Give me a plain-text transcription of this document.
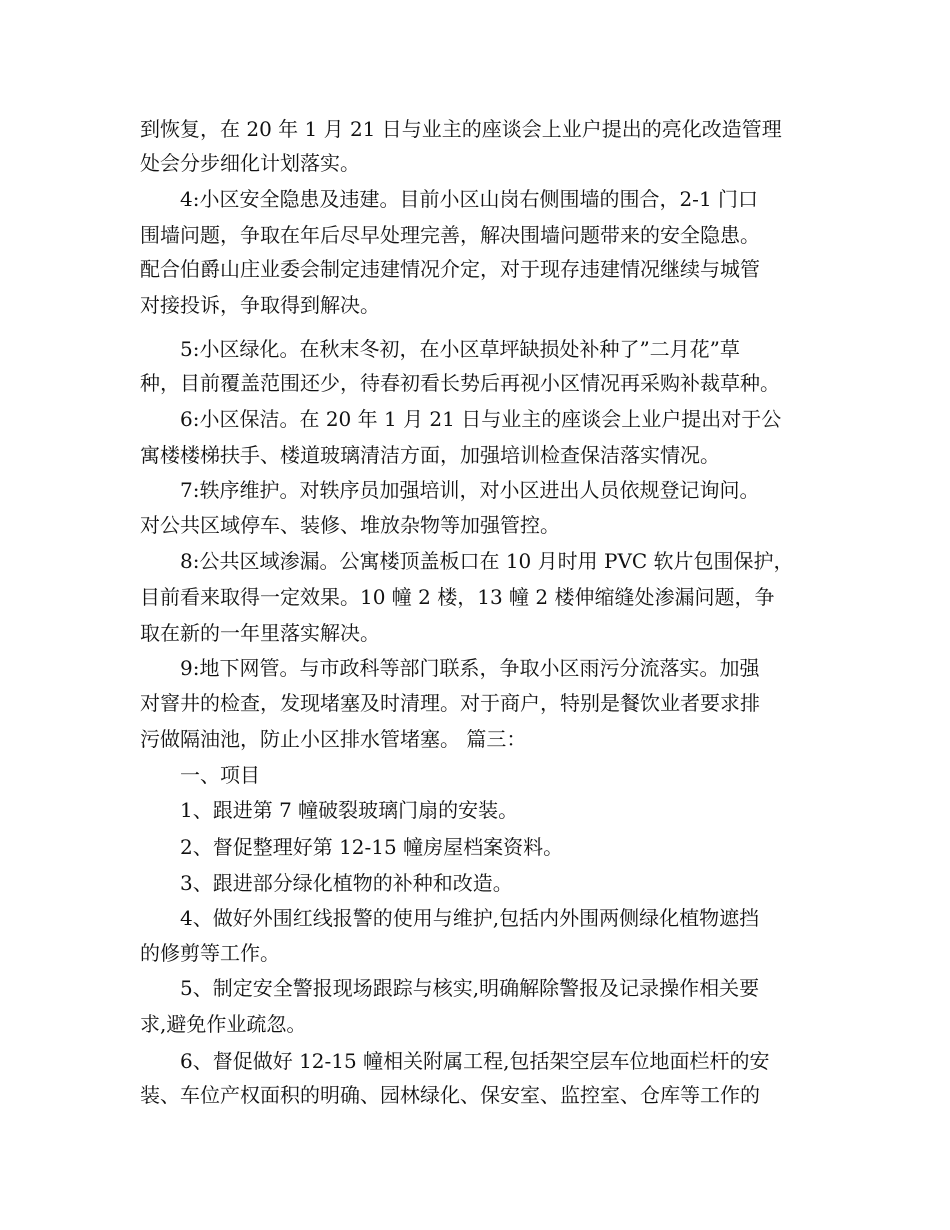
到恢复，在 20 年 1 月 21 日与业主的座谈会上业户提出的亮化改造管理
处会分步细化计划落实。
4:小区安全隐患及违建。目前小区山岗右侧围墙的围合，2-1 门口
围墙问题，争取在年后尽早处理完善，解决围墙问题带来的安全隐患。
配合伯爵山庄业委会制定违建情况介定，对于现存违建情况继续与城管
对接投诉，争取得到解决。
5:小区绿化。在秋末冬初，在小区草坪缺损处补种了”二月花”草
种，目前覆盖范围还少，待春初看长势后再视小区情况再采购补裁草种。
6:小区保洁。在 20 年 1 月 21 日与业主的座谈会上业户提出对于公
寓楼楼梯扶手、楼道玻璃清洁方面，加强培训检查保洁落实情况。
7:轶序维护。对轶序员加强培训，对小区进出人员依规登记询问。
对公共区域停车、装修、堆放杂物等加强管控。
8:公共区域渗漏。公寓楼顶盖板口在 10 月时用 PVC 软片包围保护，
目前看来取得一定效果。10 幢 2 楼，13 幢 2 楼伸缩缝处渗漏问题，争
取在新的一年里落实解决。
9:地下网管。与市政科等部门联系，争取小区雨污分流落实。加强
对窨井的检查，发现堵塞及时清理。对于商户，特别是餐饮业者要求排
污做隔油池，防止小区排水管堵塞。 篇三：
一、项目
1、跟进第 7 幢破裂玻璃门扇的安装。
2、督促整理好第 12-15 幢房屋档案资料。
3、跟进部分绿化植物的补种和改造。
4、做好外围红线报警的使用与维护,包括内外围两侧绿化植物遮挡
的修剪等工作。
5、制定安全警报现场跟踪与核实,明确解除警报及记录操作相关要
求,避免作业疏忽。
6、督促做好 12-15 幢相关附属工程,包括架空层车位地面栏杆的安
装、车位产权面积的明确、园林绿化、保安室、监控室、仓库等工作的
